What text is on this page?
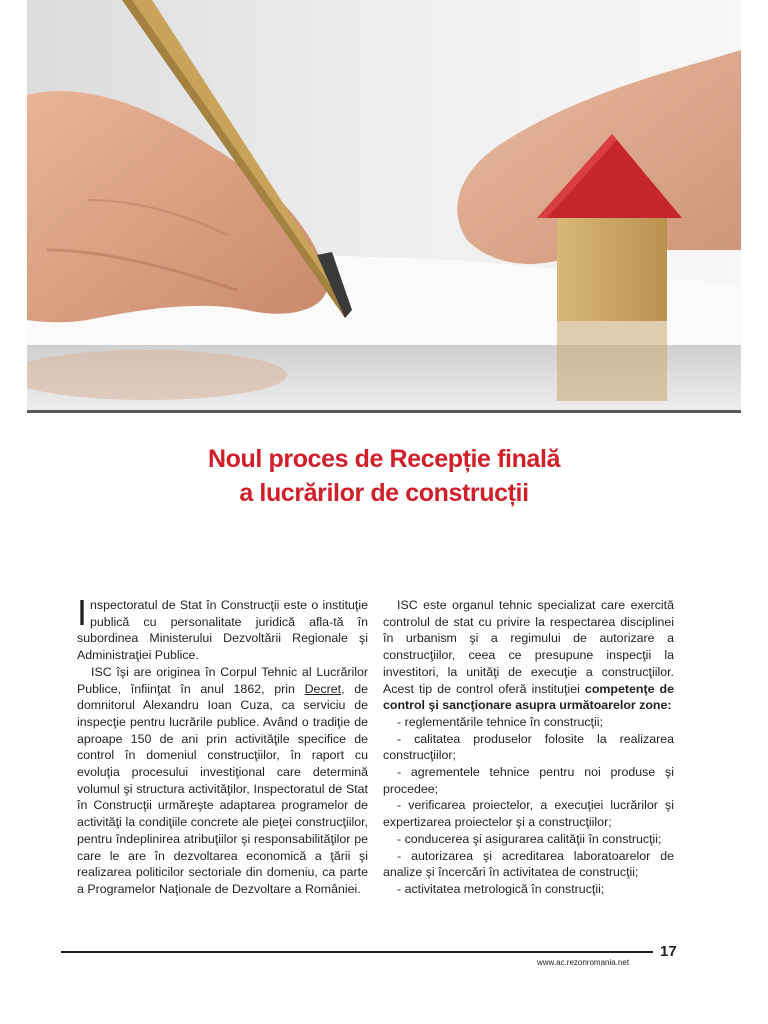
Noul proces de Recepție finală
a lucrărilor de construcții

Inspectoratul de Stat în Construcţii este o instituţie publică cu personalitate juridică afla-tă în subordinea Ministerului Dezvoltării Regionale şi Administraţiei Publice.

ISC îşi are originea în Corpul Tehnic al Lucrărilor Publice, înfiinţat în anul 1862, prin Decret, de domnitorul Alexandru Ioan Cuza, ca serviciu de inspecţie pentru lucrările publice. Având o tradiţie de aproape 150 de ani prin activităţile specifice de control în domeniul construcţiilor, în raport cu evoluţia procesului investiţional care determină volumul şi structura activităţilor, Inspectoratul de Stat în Construcţii urmăreşte adaptarea programelor de activităţi la condiţiile concrete ale pieţei construcţiilor, pentru îndeplinirea atribuţiilor şi responsabilităţilor pe care le are în dezvoltarea economică a ţării şi realizarea politicilor sectoriale din domeniu, ca parte a Programelor Naţionale de Dezvoltare a României.

ISC este organul tehnic specializat care exercită controlul de stat cu privire la respectarea disciplinei în urbanism şi a regimului de autorizare a construcţiilor, ceea ce presupune inspecţii la investitori, la unităţi de execuţie a construcţiilor. Acest tip de control oferă instituţiei competenţe de control şi sancţionare asupra următoarelor zone:

- reglementările tehnice în construcţii;
- calitatea produselor folosite la realizarea construcţiilor;
- agrementele tehnice pentru noi produse şi procedee;
- verificarea proiectelor, a execuţiei lucrărilor şi expertizarea proiectelor şi a construcţiilor;
- conducerea şi asigurarea calităţii în construcţii;
- autorizarea şi acreditarea laboratoarelor de analize şi încercări în activitatea de construcţii;
- activitatea metrologică în construcţii;
17
www.ac.rezonromania.net
